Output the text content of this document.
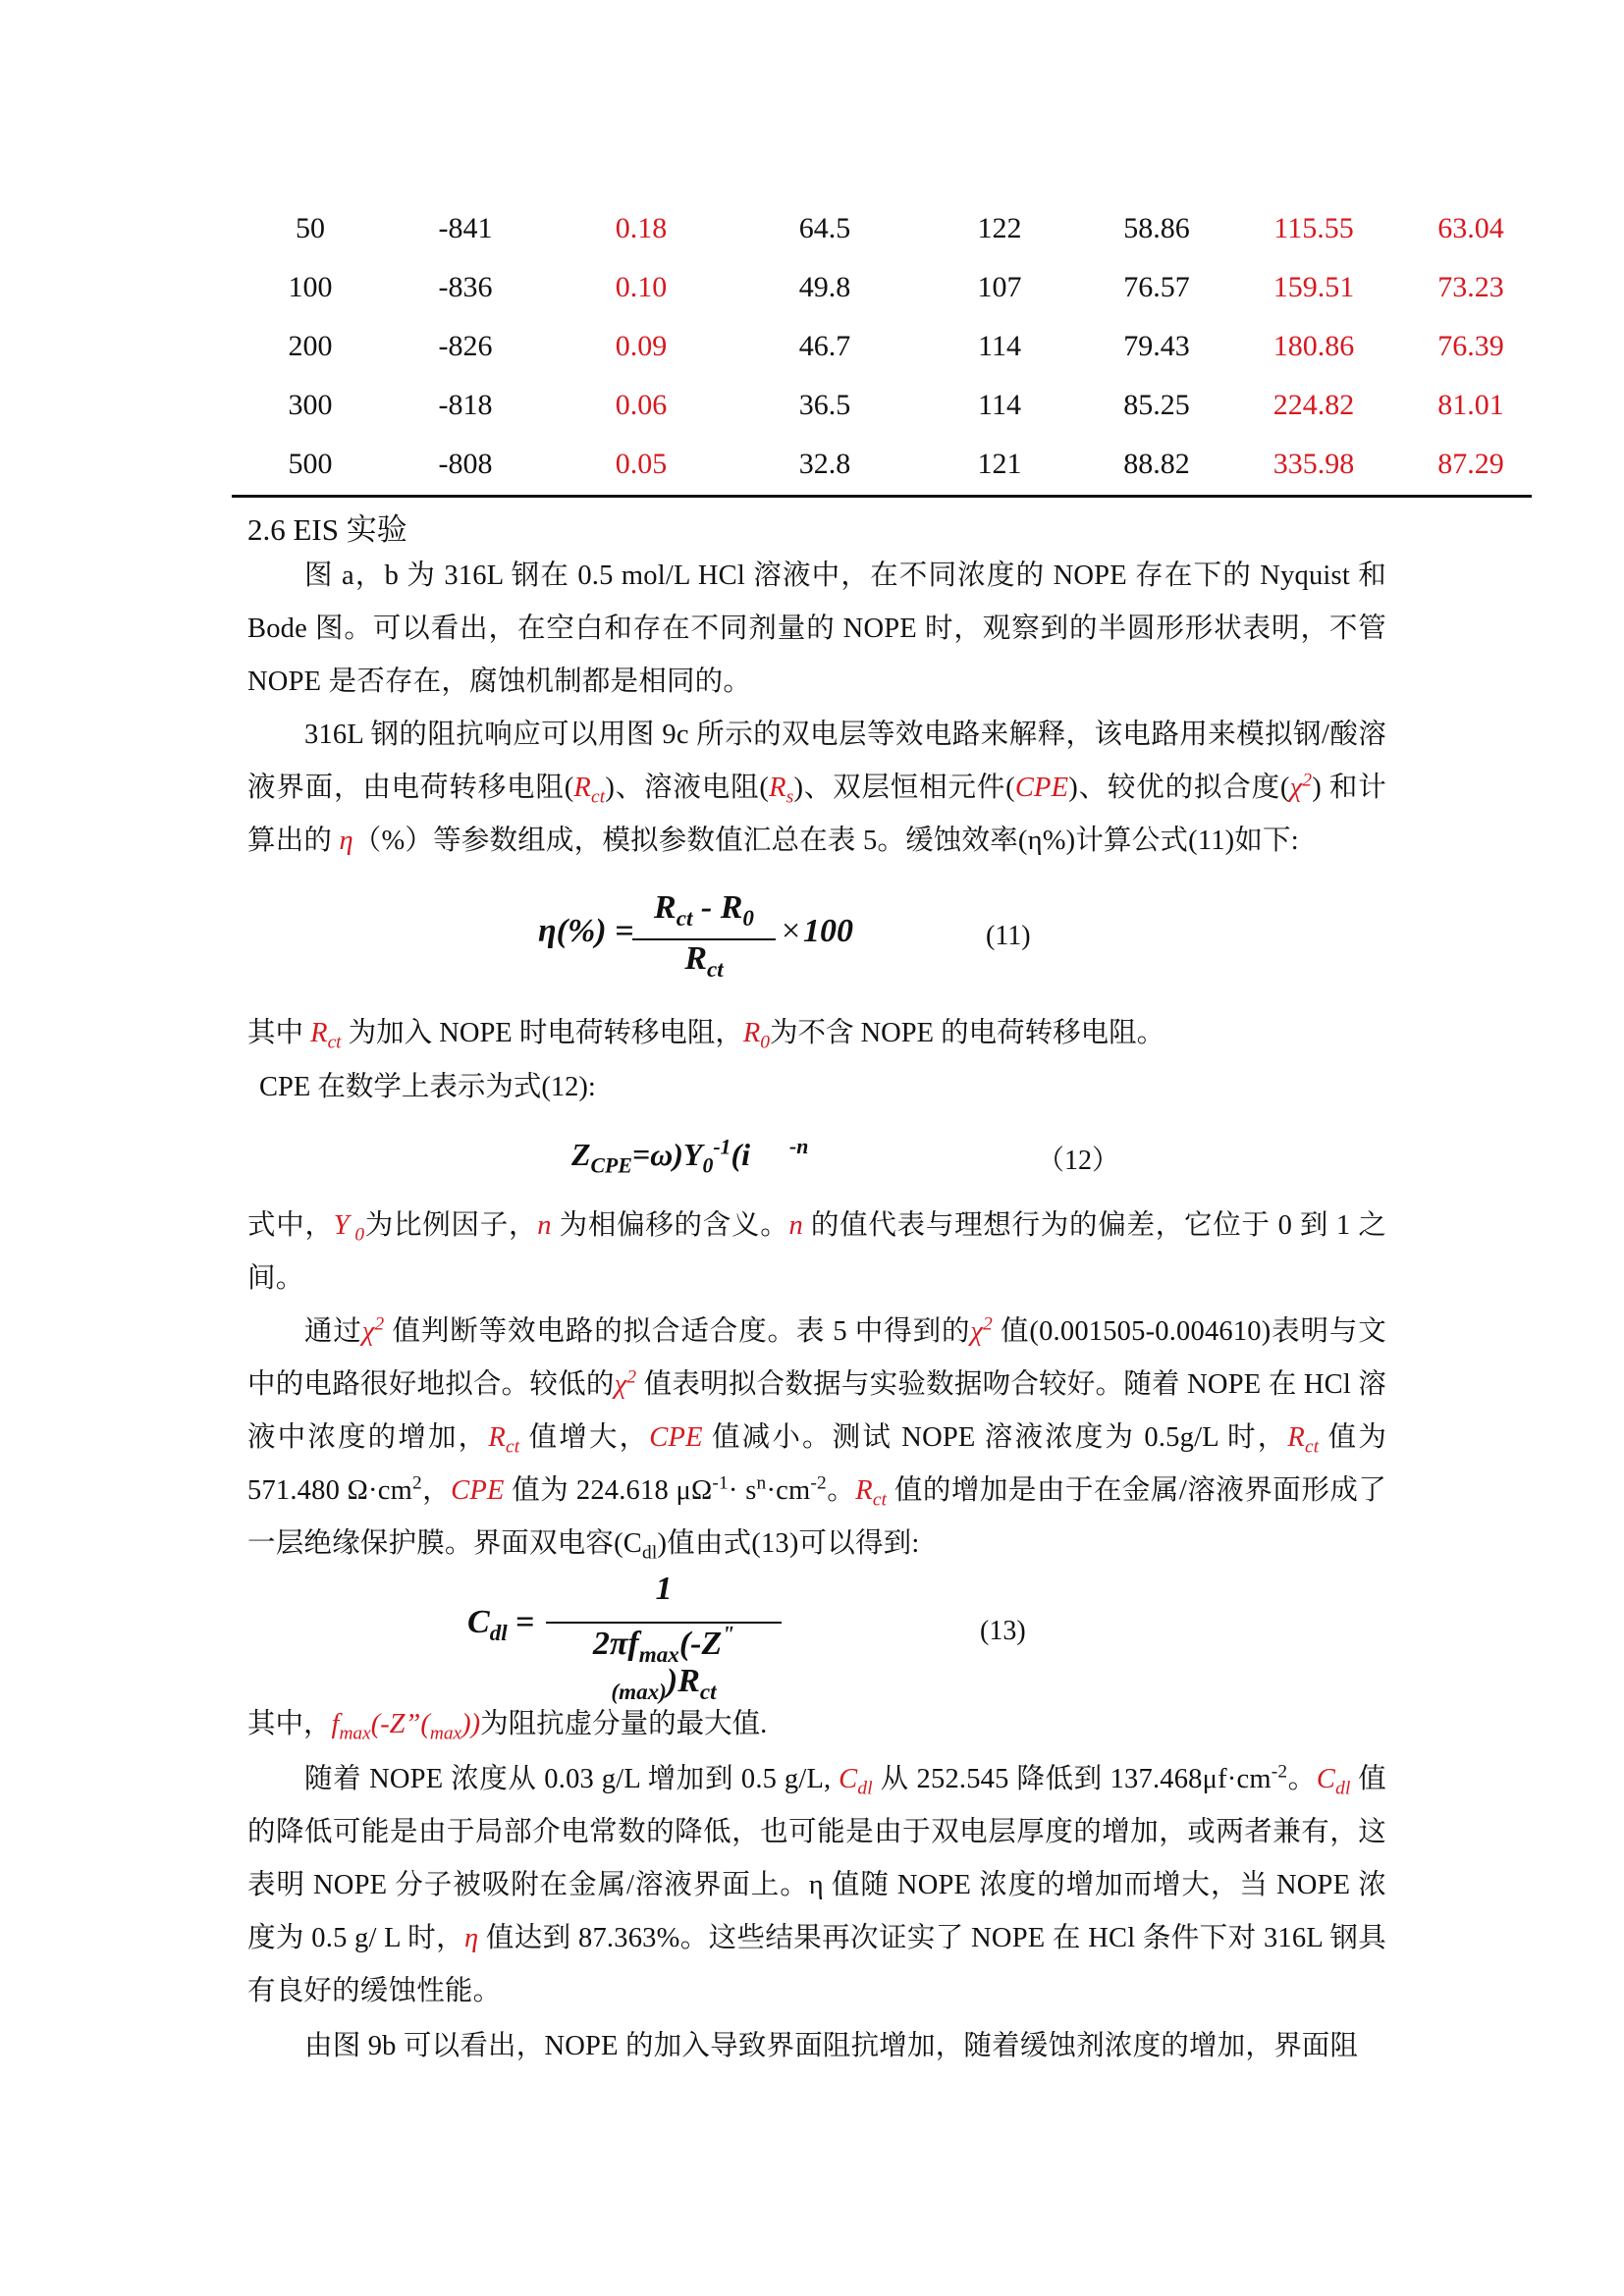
50	-841	0.18	64.5	122	58.86	115.55	63.04
100	-836	0.10	49.8	107	76.57	159.51	73.23
200	-826	0.09	46.7	114	79.43	180.86	76.39
300	-818	0.06	36.5	114	85.25	224.82	81.01
500	-808	0.05	32.8	121	88.82	335.98	87.29
2.6 EIS 实验
图 a，b 为 316L 钢在 0.5 mol/L HCl 溶液中，在不同浓度的 NOPE 存在下的 Nyquist 和 Bode 图。可以看出，在空白和存在不同剂量的 NOPE 时，观察到的半圆形形状表明，不管 NOPE 是否存在，腐蚀机制都是相同的。
316L 钢的阻抗响应可以用图 9c 所示的双电层等效电路来解释，该电路用来模拟钢/酸溶液界面，由电荷转移电阻$(R_{ct})$、溶液电阻$(R_s)$、双层恒相元件(CPE)、较优的拟合度$(\chi^2)$ 和计算出的 η（%）等参数组成，模拟参数值汇总在表 5。缓蚀效率(η%)计算公式(11)如下:
η(%) =
$R_{ct} - R_0$
$R_{ct}$
× 100	(11)
其中 $R_{ct}$ 为加入 NOPE 时电荷转移电阻，$R_0$为不含 NOPE 的电荷转移电阻。
CPE 在数学上表示为式(12):
$Z_{CPE}=\omega)Y_0^{-1}(i$ $^{-n}$	（12）
式中，Y $_0$为比例因子，n 为相偏移的含义。n 的值代表与理想行为的偏差，它位于 0 到 1 之间。
通过$\chi^2$ 值判断等效电路的拟合适合度。表 5 中得到的$\chi^2$ 值(0.001505-0.004610)表明与文中的电路很好地拟合。较低的$\chi^2$ 值表明拟合数据与实验数据吻合较好。随着 NOPE 在 HCl 溶液中浓度的增加，$R_{ct}$ 值增大，CPE 值减小。测试 NOPE 溶液浓度为 0.5g/L 时，$R_{ct}$ 值为 571.480 $\Omega\cdot cm^2$，CPE 值为 224.618 $\mu\Omega^{-1}\cdot s^n\cdot cm^{-2}$。$R_{ct}$ 值的增加是由于在金属/溶液界面形成了一层绝缘保护膜。界面双电容$(C_{dl})$值由式(13)可以得到:
$C_{dl}$ =
1
$2\pi f_{max}(-Z^"_{(max)})R_{ct}$
(13)
其中，$f_{max}(-Z”(_{max}))$为阻抗虚分量的最大值.
随着 NOPE 浓度从 0.03 g/L 增加到 0.5 g/L, $C_{dl}$ 从 252.545 降低到 $137.468\mu f\cdot cm^{-2}$。$C_{dl}$ 值的降低可能是由于局部介电常数的降低，也可能是由于双电层厚度的增加，或两者兼有，这表明 NOPE 分子被吸附在金属/溶液界面上。η 值随 NOPE 浓度的增加而增大，当 NOPE 浓度为 0.5 g/ L 时，η 值达到 87.363%。这些结果再次证实了 NOPE 在 HCl 条件下对 316L 钢具有良好的缓蚀性能。
由图 9b 可以看出，NOPE 的加入导致界面阻抗增加，随着缓蚀剂浓度的增加，界面阻
